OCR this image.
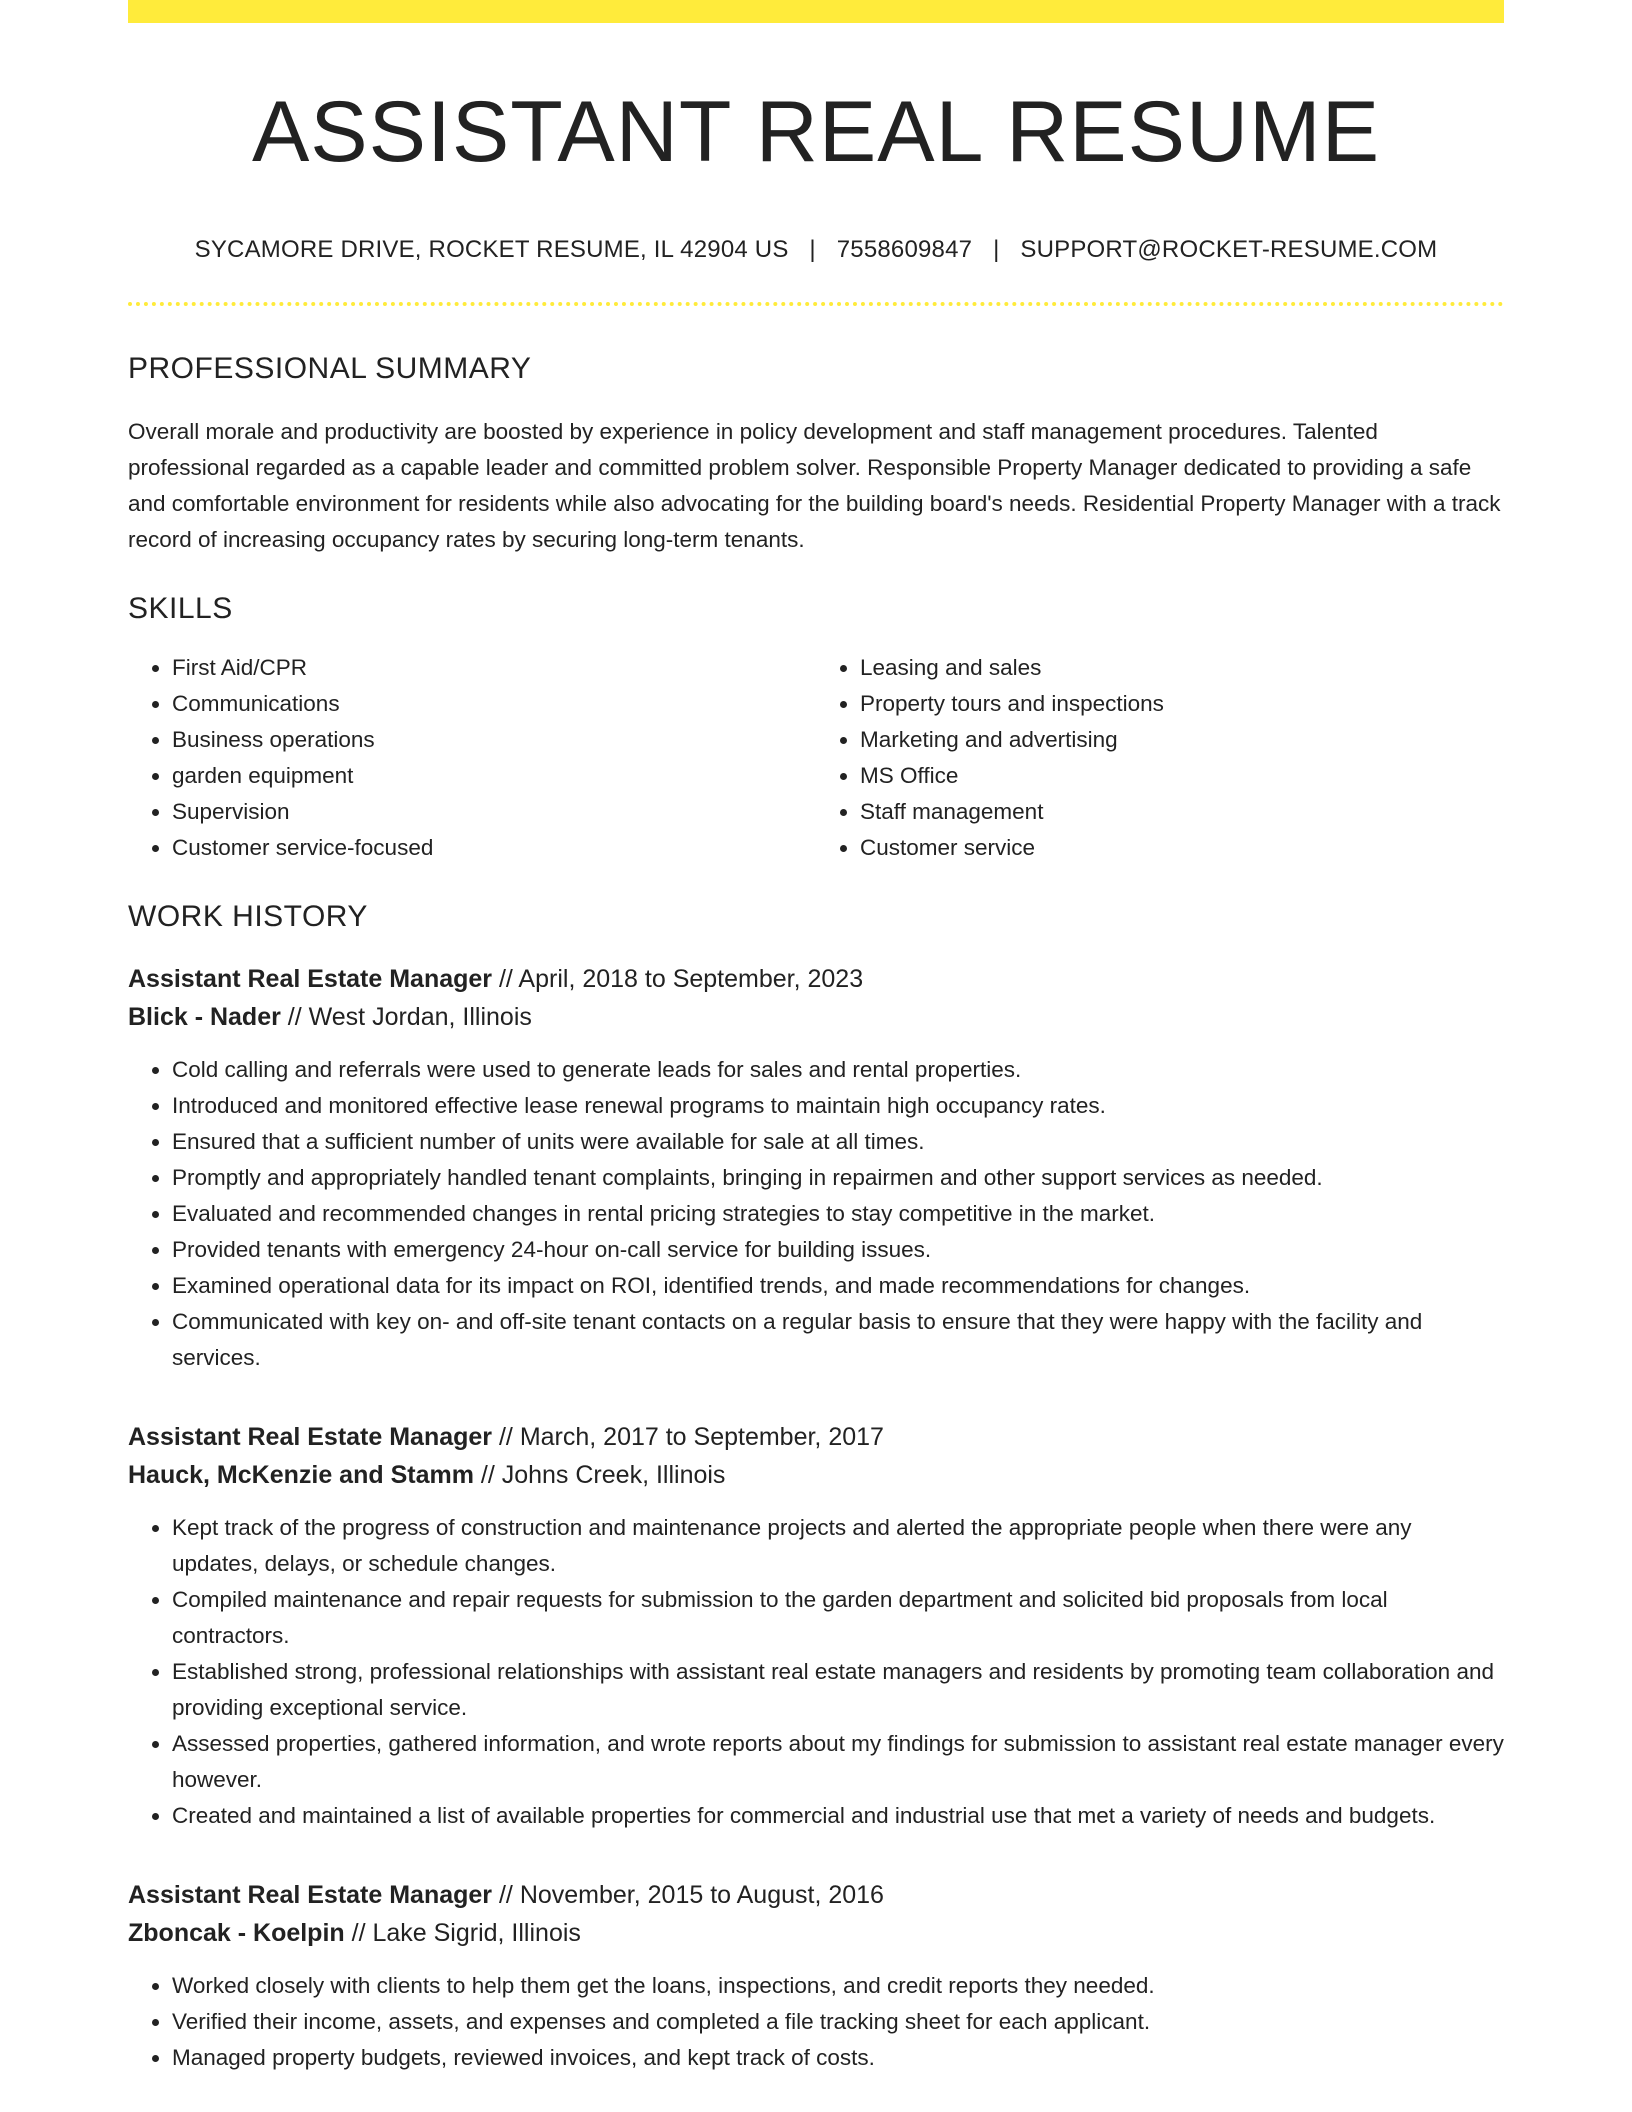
ASSISTANT REAL RESUME
SYCAMORE DRIVE, ROCKET RESUME, IL 42904 US | 7558609847 | SUPPORT@ROCKET-RESUME.COM
PROFESSIONAL SUMMARY
Overall morale and productivity are boosted by experience in policy development and staff management procedures. Talented professional regarded as a capable leader and committed problem solver. Responsible Property Manager dedicated to providing a safe and comfortable environment for residents while also advocating for the building board's needs. Residential Property Manager with a track record of increasing occupancy rates by securing long-term tenants.
SKILLS
• First Aid/CPR
• Communications
• Business operations
• garden equipment
• Supervision
• Customer service-focused
• Leasing and sales
• Property tours and inspections
• Marketing and advertising
• MS Office
• Staff management
• Customer service
WORK HISTORY
Assistant Real Estate Manager // April, 2018 to September, 2023
Blick - Nader // West Jordan, Illinois
• Cold calling and referrals were used to generate leads for sales and rental properties.
• Introduced and monitored effective lease renewal programs to maintain high occupancy rates.
• Ensured that a sufficient number of units were available for sale at all times.
• Promptly and appropriately handled tenant complaints, bringing in repairmen and other support services as needed.
• Evaluated and recommended changes in rental pricing strategies to stay competitive in the market.
• Provided tenants with emergency 24-hour on-call service for building issues.
• Examined operational data for its impact on ROI, identified trends, and made recommendations for changes.
• Communicated with key on- and off-site tenant contacts on a regular basis to ensure that they were happy with the facility and services.
Assistant Real Estate Manager // March, 2017 to September, 2017
Hauck, McKenzie and Stamm // Johns Creek, Illinois
• Kept track of the progress of construction and maintenance projects and alerted the appropriate people when there were any updates, delays, or schedule changes.
• Compiled maintenance and repair requests for submission to the garden department and solicited bid proposals from local contractors.
• Established strong, professional relationships with assistant real estate managers and residents by promoting team collaboration and providing exceptional service.
• Assessed properties, gathered information, and wrote reports about my findings for submission to assistant real estate manager every however.
• Created and maintained a list of available properties for commercial and industrial use that met a variety of needs and budgets.
Assistant Real Estate Manager // November, 2015 to August, 2016
Zboncak - Koelpin // Lake Sigrid, Illinois
• Worked closely with clients to help them get the loans, inspections, and credit reports they needed.
• Verified their income, assets, and expenses and completed a file tracking sheet for each applicant.
• Managed property budgets, reviewed invoices, and kept track of costs.
